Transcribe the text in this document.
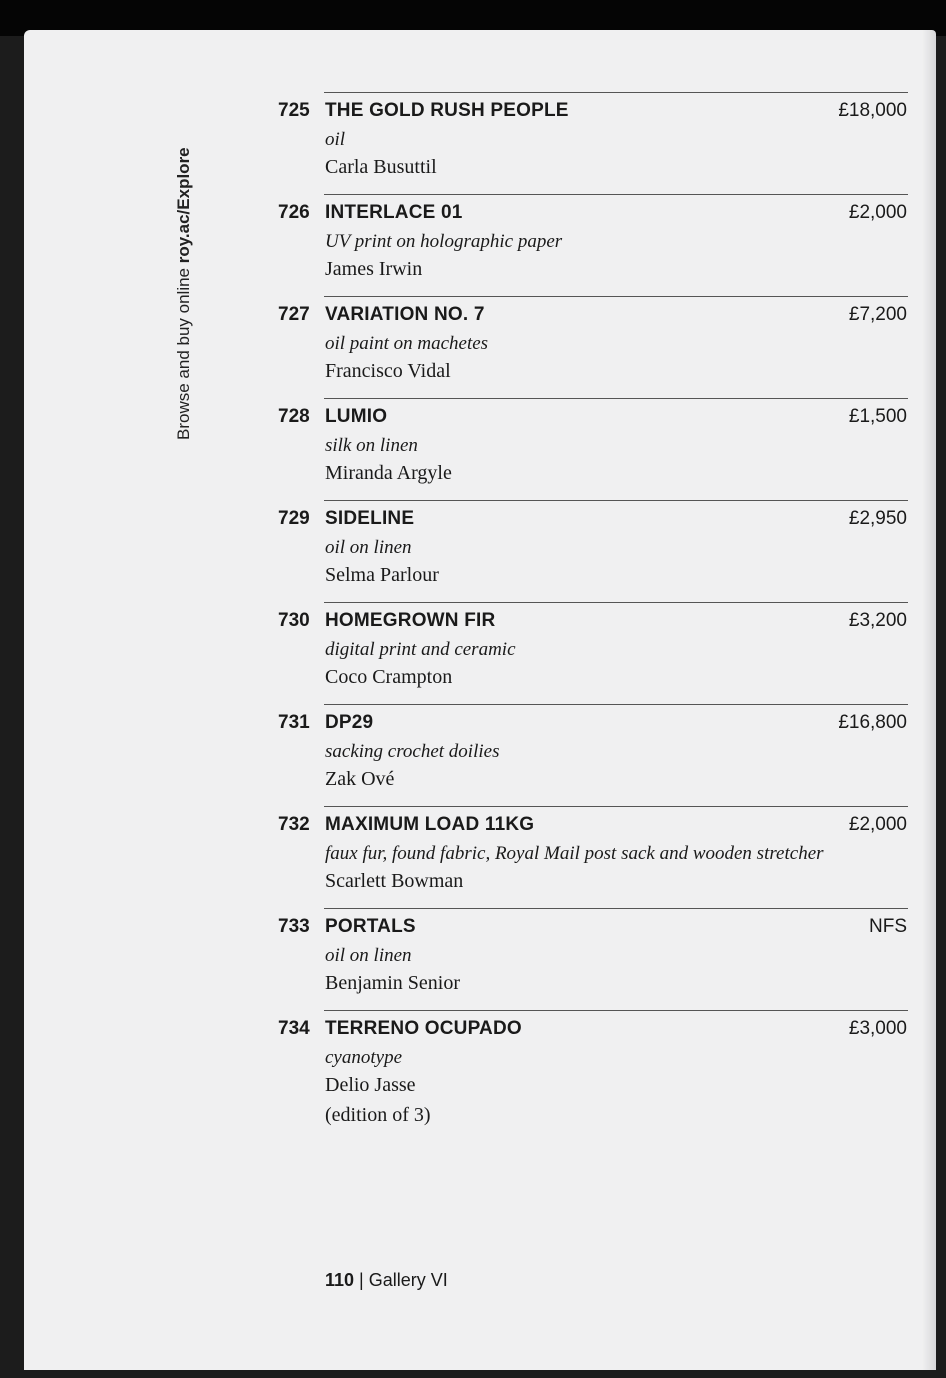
Browse and buy online roy.ac/Explore
725 THE GOLD RUSH PEOPLE	£18,000
oil
Carla Busuttil
726 INTERLACE 01	£2,000
UV print on holographic paper
James Irwin
727 VARIATION NO. 7	£7,200
oil paint on machetes
Francisco Vidal
728 LUMIO	£1,500
silk on linen
Miranda Argyle
729 SIDELINE	£2,950
oil on linen
Selma Parlour
730 HOMEGROWN FIR	£3,200
digital print and ceramic
Coco Crampton
731 DP29	£16,800
sacking crochet doilies
Zak Ové
732 MAXIMUM LOAD 11KG	£2,000
faux fur, found fabric, Royal Mail post sack and wooden stretcher
Scarlett Bowman
733 PORTALS	NFS
oil on linen
Benjamin Senior
734 TERRENO OCUPADO	£3,000
cyanotype
Delio Jasse
(edition of 3)
110 | Gallery VI
